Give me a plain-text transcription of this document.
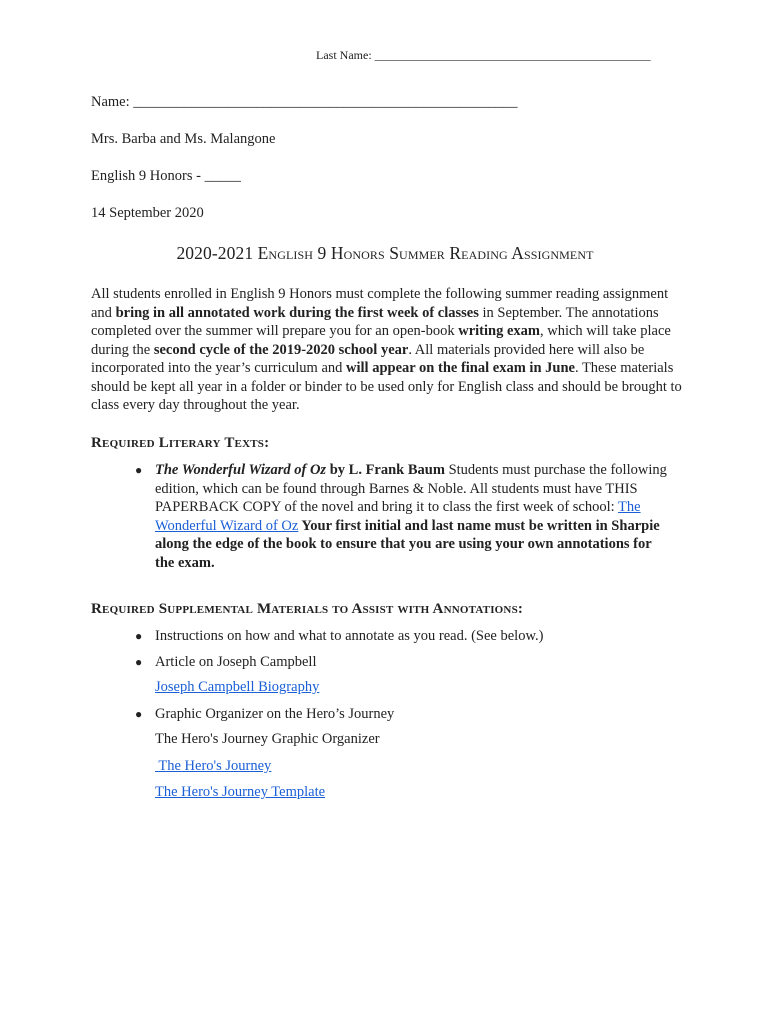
Last Name: ______________________________________________
Name: _____________________________________________________
Mrs. Barba and Ms. Malangone
English 9 Honors - _____
14 September 2020
2020-2021 English 9 Honors Summer Reading Assignment
All students enrolled in English 9 Honors must complete the following summer reading assignment and bring in all annotated work during the first week of classes in September. The annotations completed over the summer will prepare you for an open-book writing exam, which will take place during the second cycle of the 2019-2020 school year. All materials provided here will also be incorporated into the year’s curriculum and will appear on the final exam in June. These materials should be kept all year in a folder or binder to be used only for English class and should be brought to class every day throughout the year.
Required Literary Texts:
● The Wonderful Wizard of Oz by L. Frank Baum Students must purchase the following edition, which can be found through Barnes & Noble. All students must have THIS PAPERBACK COPY of the novel and bring it to class the first week of school: The Wonderful Wizard of Oz Your first initial and last name must be written in Sharpie along the edge of the book to ensure that you are using your own annotations for the exam.
Required Supplemental Materials to Assist with Annotations:
● Instructions on how and what to annotate as you read. (See below.)
● Article on Joseph Campbell
Joseph Campbell Biography
● Graphic Organizer on the Hero’s Journey
The Hero's Journey Graphic Organizer
The Hero's Journey
The Hero's Journey Template
